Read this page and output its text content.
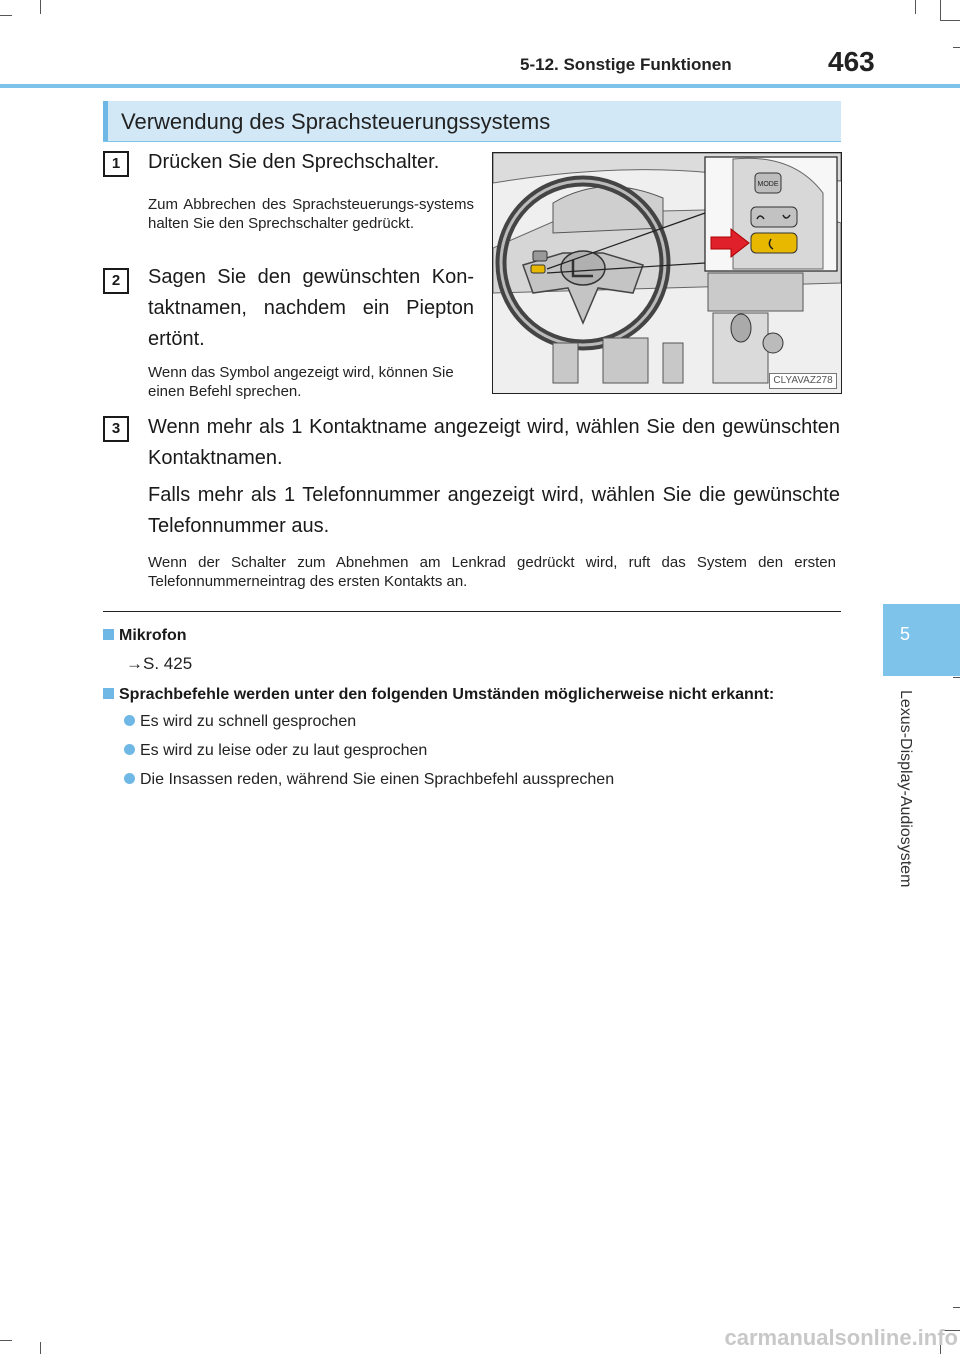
5-12. Sonstige Funktionen	463
5
Lexus-Display-Audiosystem
Verwendung des Sprachsteuerungssystems
1	Drücken Sie den Sprechschalter.
Zum Abbrechen des Sprachsteuerungs-systems halten Sie den Sprechschalter gedrückt.
2	Sagen Sie den gewünschten Kon-taktnamen, nachdem ein Piepton ertönt.
Wenn das Symbol angezeigt wird, können Sie einen Befehl sprechen.
MODE
CLYAVAZ278
3	Wenn mehr als 1 Kontaktname angezeigt wird, wählen Sie den gewünschten Kontaktnamen.
Falls mehr als 1 Telefonnummer angezeigt wird, wählen Sie die gewünschte Telefonnummer aus.
Wenn der Schalter zum Abnehmen am Lenkrad gedrückt wird, ruft das System den ersten Telefonnummerneintrag des ersten Kontakts an.
Mikrofon
→S. 425
Sprachbefehle werden unter den folgenden Umständen möglicherweise nicht erkannt:
Es wird zu schnell gesprochen
Es wird zu leise oder zu laut gesprochen
Die Insassen reden, während Sie einen Sprachbefehl aussprechen
carmanualsonline.info
